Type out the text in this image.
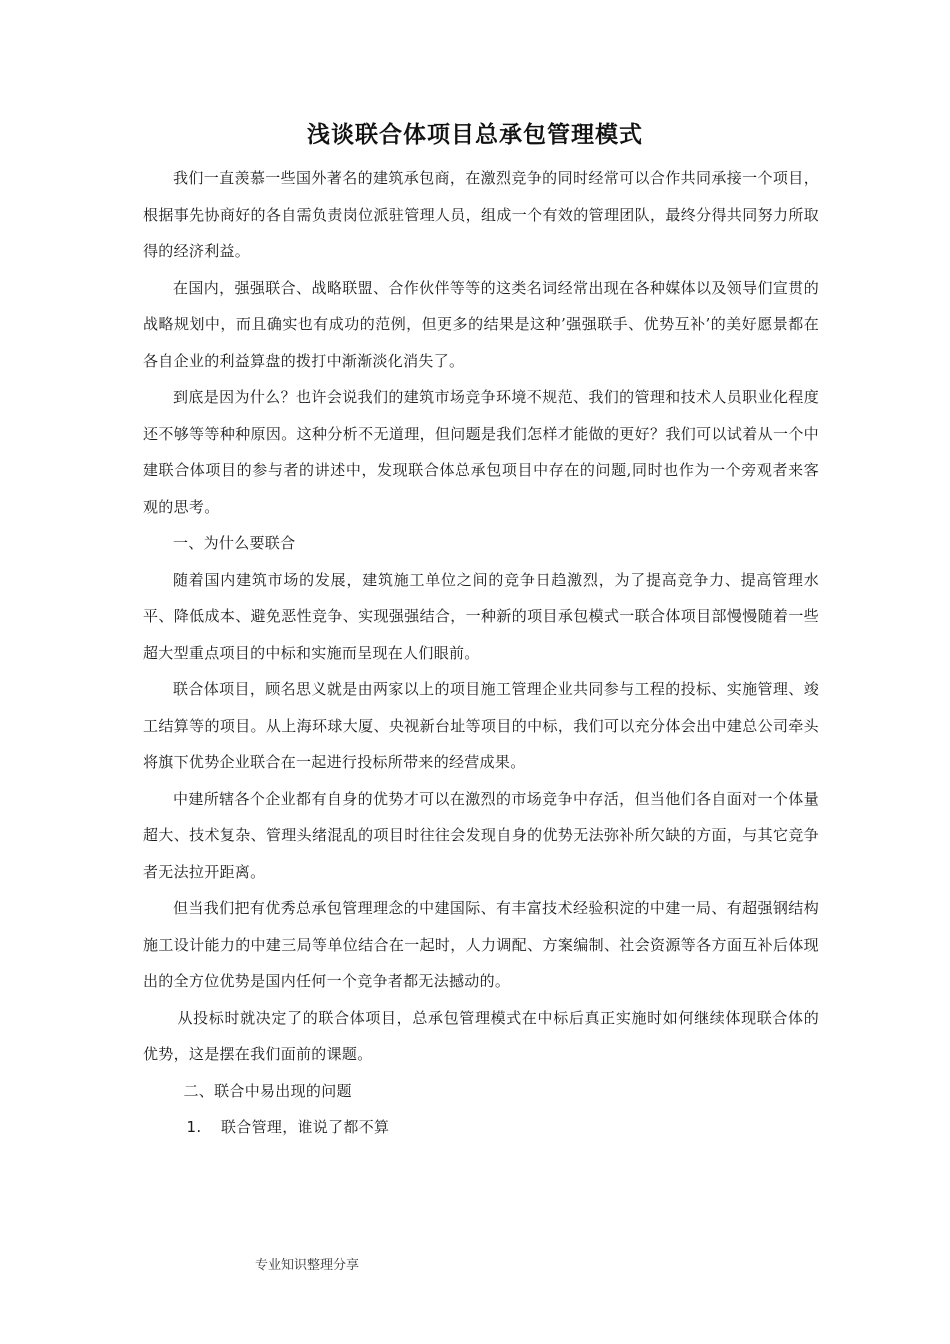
浅谈联合体项目总承包管理模式

我们一直羡慕一些国外著名的建筑承包商，在激烈竞争的同时经常可以合作共同承接一个项目，根据事先协商好的各自需负责岗位派驻管理人员，组成一个有效的管理团队，最终分得共同努力所取得的经济利益。

在国内，强强联合、战略联盟、合作伙伴等等的这类名词经常出现在各种媒体以及领导们宣贯的战略规划中，而且确实也有成功的范例，但更多的结果是这种’强强联手、优势互补’的美好愿景都在各自企业的利益算盘的拨打中渐渐淡化消失了。

到底是因为什么？也许会说我们的建筑市场竞争环境不规范、我们的管理和技术人员职业化程度还不够等等种种原因。这种分析不无道理，但问题是我们怎样才能做的更好？我们可以试着从一个中建联合体项目的参与者的讲述中，发现联合体总承包项目中存在的问题,同时也作为一个旁观者来客观的思考。

一、为什么要联合

随着国内建筑市场的发展，建筑施工单位之间的竞争日趋激烈，为了提高竞争力、提高管理水平、降低成本、避免恶性竞争、实现强强结合，一种新的项目承包模式一联合体项目部慢慢随着一些超大型重点项目的中标和实施而呈现在人们眼前。

联合体项目，顾名思义就是由两家以上的项目施工管理企业共同参与工程的投标、实施管理、竣工结算等的项目。从上海环球大厦、央视新台址等项目的中标，我们可以充分体会出中建总公司牵头将旗下优势企业联合在一起进行投标所带来的经营成果。

中建所辖各个企业都有自身的优势才可以在激烈的市场竞争中存活，但当他们各自面对一个体量超大、技术复杂、管理头绪混乱的项目时往往会发现自身的优势无法弥补所欠缺的方面，与其它竞争者无法拉开距离。

但当我们把有优秀总承包管理理念的中建国际、有丰富技术经验积淀的中建一局、有超强钢结构施工设计能力的中建三局等单位结合在一起时，人力调配、方案编制、社会资源等各方面互补后体现出的全方位优势是国内任何一个竞争者都无法撼动的。

从投标时就决定了的联合体项目，总承包管理模式在中标后真正实施时如何继续体现联合体的优势，这是摆在我们面前的课题。

二、联合中易出现的问题

1. 联合管理，谁说了都不算

专业知识整理分享
